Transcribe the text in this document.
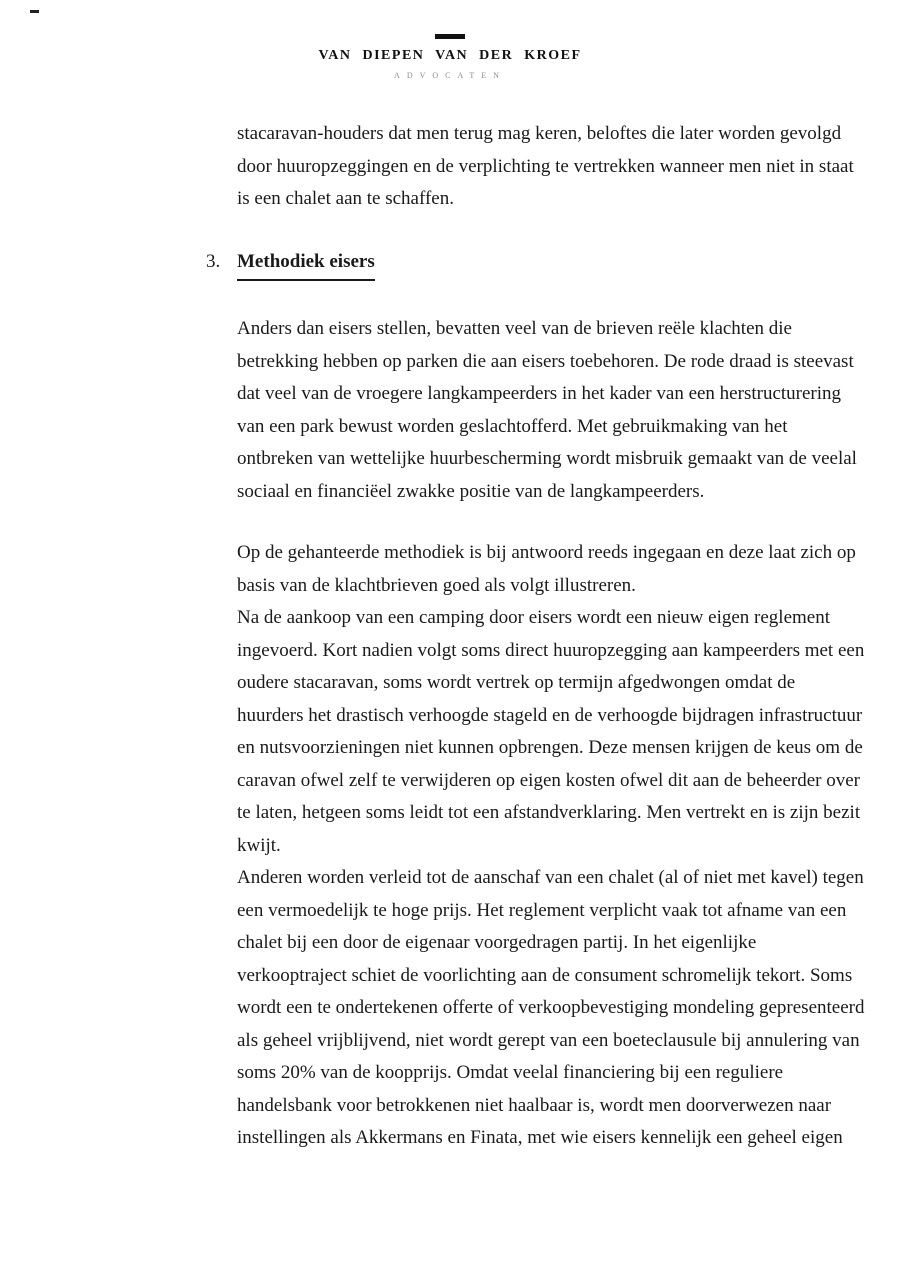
VAN DIEPEN VAN DER KROEF
ADVOCATEN
stacaravan-houders dat men terug mag keren, beloftes die later worden gevolgd
door huuropzeggingen en de verplichting te vertrekken wanneer men niet in staat
is een chalet aan te schaffen.
3. Methodiek eisers
Anders dan eisers stellen, bevatten veel van de brieven reële klachten die
betrekking hebben op parken die aan eisers toebehoren. De rode draad is steevast
dat veel van de vroegere langkampeerders in het kader van een herstructurering
van een park bewust worden geslachtofferd. Met gebruikmaking van het
ontbreken van wettelijke huurbescherming wordt misbruik gemaakt van de veelal
sociaal en financiëel zwakke positie van de langkampeerders.
Op de gehanteerde methodiek is bij antwoord reeds ingegaan en deze laat zich op
basis van de klachtbrieven goed als volgt illustreren.
Na de aankoop van een camping door eisers wordt een nieuw eigen reglement
ingevoerd. Kort nadien volgt soms direct huuropzegging aan kampeerders met een
oudere stacaravan, soms wordt vertrek op termijn afgedwongen omdat de
huurders het drastisch verhoogde stageld en de verhoogde bijdragen infrastructuur
en nutsvoorzieningen niet kunnen opbrengen. Deze mensen krijgen de keus om de
caravan ofwel zelf te verwijderen op eigen kosten ofwel dit aan de beheerder over
te laten, hetgeen soms leidt tot een afstandverklaring. Men vertrekt en is zijn bezit
kwijt.
Anderen worden verleid tot de aanschaf van een chalet (al of niet met kavel) tegen
een vermoedelijk te hoge prijs. Het reglement verplicht vaak tot afname van een
chalet bij een door de eigenaar voorgedragen partij. In het eigenlijke
verkooptraject schiet de voorlichting aan de consument schromelijk tekort. Soms
wordt een te ondertekenen offerte of verkoopbevestiging mondeling gepresenteerd
als geheel vrijblijvend, niet wordt gerept van een boeteclausule bij annulering van
soms 20% van de koopprijs. Omdat veelal financiering bij een reguliere
handelsbank voor betrokkenen niet haalbaar is, wordt men doorverwezen naar
instellingen als Akkermans en Finata, met wie eisers kennelijk een geheel eigen
